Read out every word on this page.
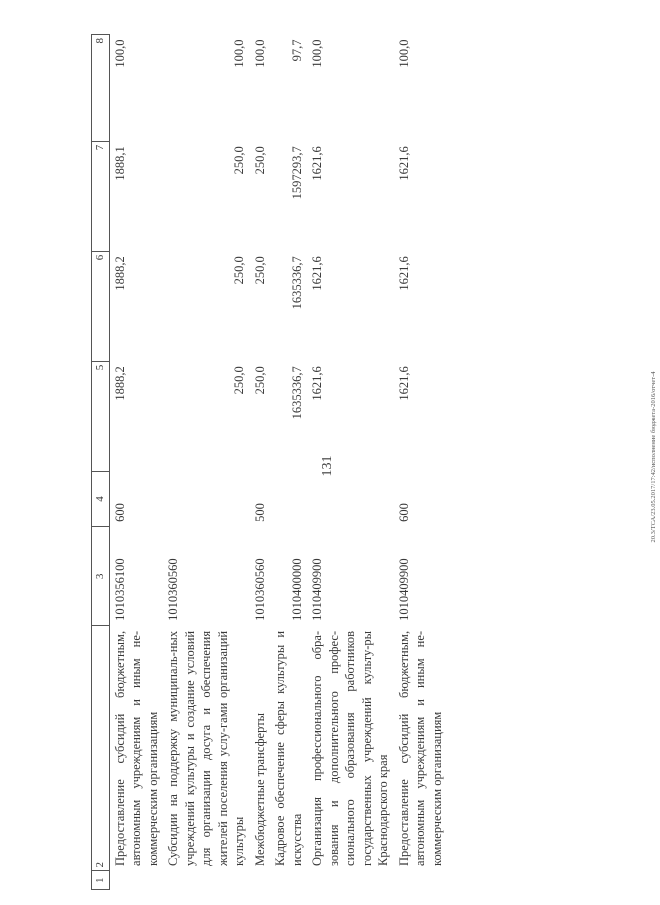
131
1	2	3	4	5	6	7	8
	Предоставление субсидий бюджетным, автономным учреждениям и иным не-коммерческим организациям	1010356100	600	1888,2	1888,2	1888,1	100,0
	Субсидии на поддержку муниципаль-ных учреждений культуры и создание условий для организации досуга и обеспечения жителей поселения услу-гами организаций культуры	1010360560		250,0	250,0	250,0	100,0
	Межбюджетные трансферты	1010360560	500	250,0	250,0	250,0	100,0
	Кадровое обеспечение сферы культуры и искусства	1010400000		1635336,7	1635336,7	1597293,7	97,7
	Организация профессионального обра-зования и дополнительного профес-сионального образования работников государственных учреждений культу-ры Краснодарского края	1010409900		1621,6	1621,6	1621,6	100,0
	Предоставление субсидий бюджетным, автономным учреждениям и иным не-коммерческим организациям	1010409900	600	1621,6	1621,6	1621,6	100,0
20.3/ТСА/23.05.2017/17:42/исполнение бюджета-2016/отчет-4
